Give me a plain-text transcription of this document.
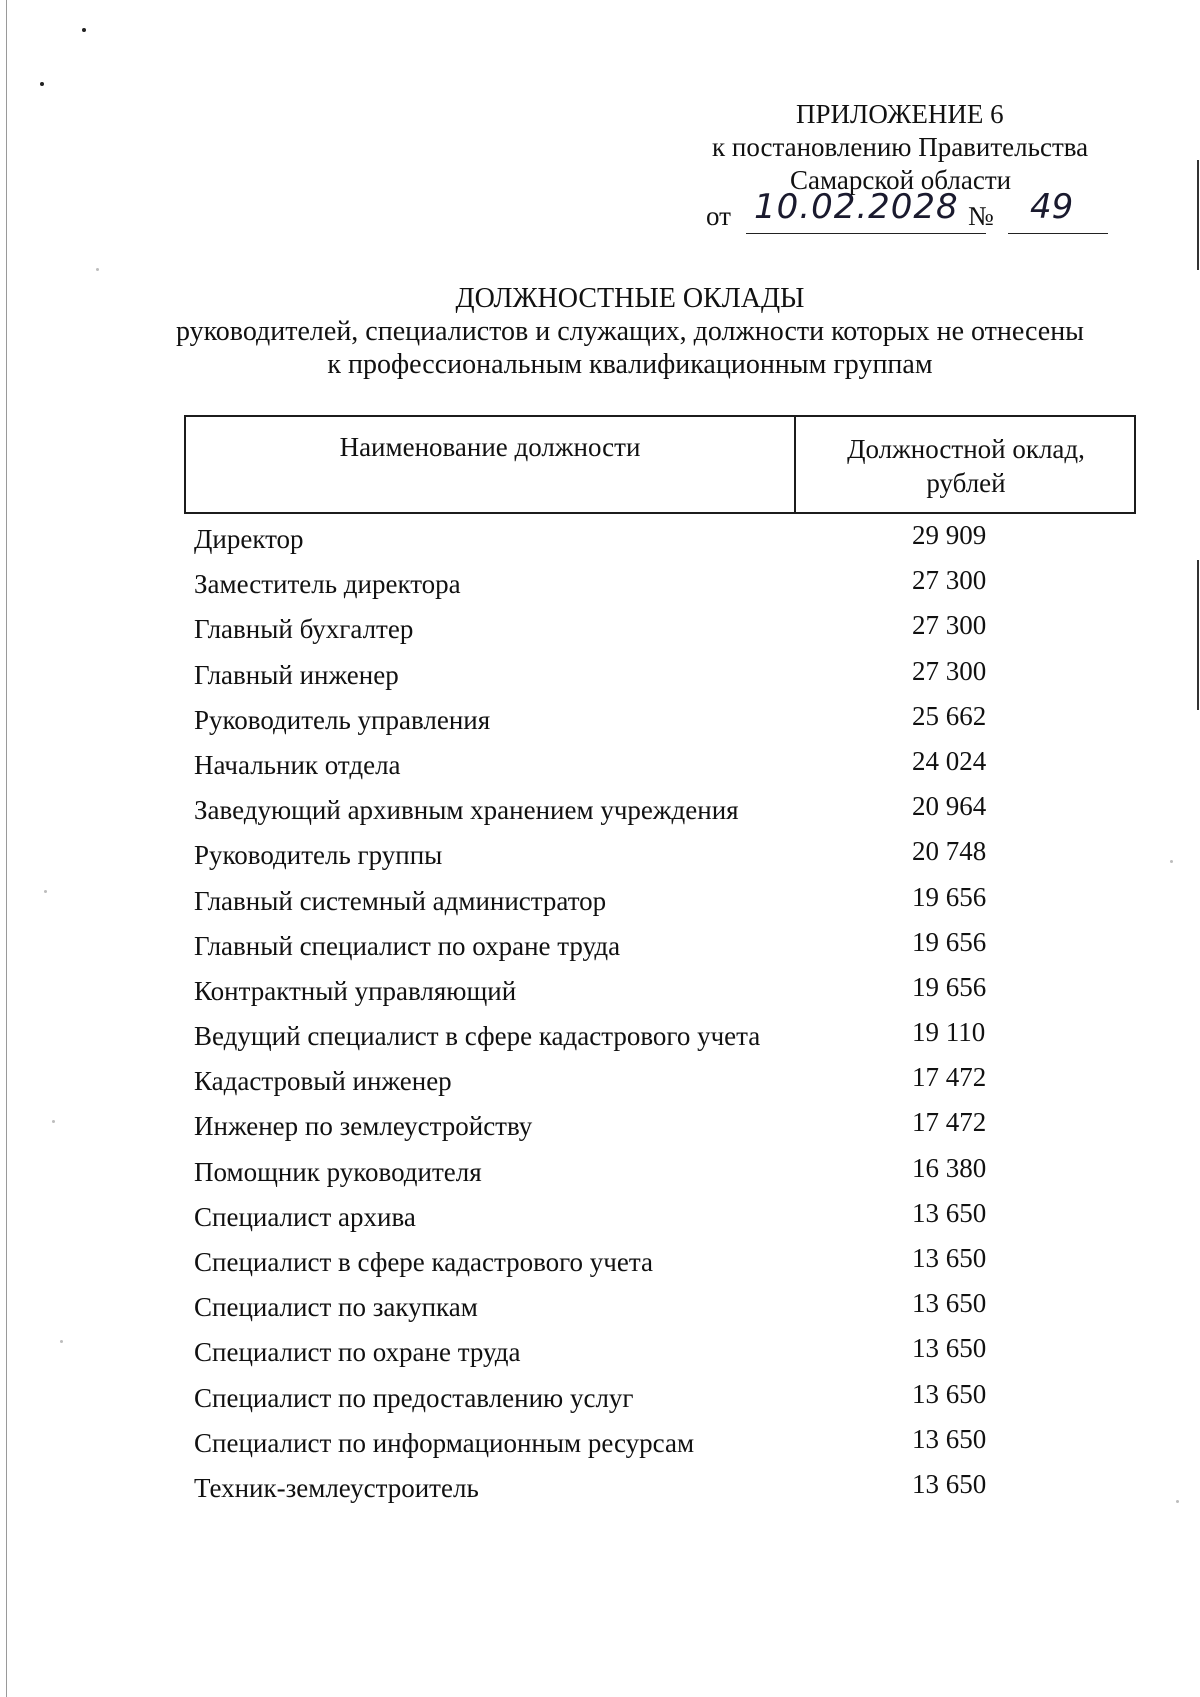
ПРИЛОЖЕНИЕ 6
к постановлению Правительства
Самарской области
от 10.02.2028 № 49
ДОЛЖНОСТНЫЕ ОКЛАДЫ
руководителей, специалистов и служащих, должности которых не отнесены
к профессиональным квалификационным группам
Наименование должности	Должностной оклад,
рублей
Директор	29 909
Заместитель директора	27 300
Главный бухгалтер	27 300
Главный инженер	27 300
Руководитель управления	25 662
Начальник отдела	24 024
Заведующий архивным хранением учреждения	20 964
Руководитель группы	20 748
Главный системный администратор	19 656
Главный специалист по охране труда	19 656
Контрактный управляющий	19 656
Ведущий специалист в сфере кадастрового учета	19 110
Кадастровый инженер	17 472
Инженер по землеустройству	17 472
Помощник руководителя	16 380
Специалист архива	13 650
Специалист в сфере кадастрового учета	13 650
Специалист по закупкам	13 650
Специалист по охране труда	13 650
Специалист по предоставлению услуг	13 650
Специалист по информационным ресурсам	13 650
Техник-землеустроитель	13 650
